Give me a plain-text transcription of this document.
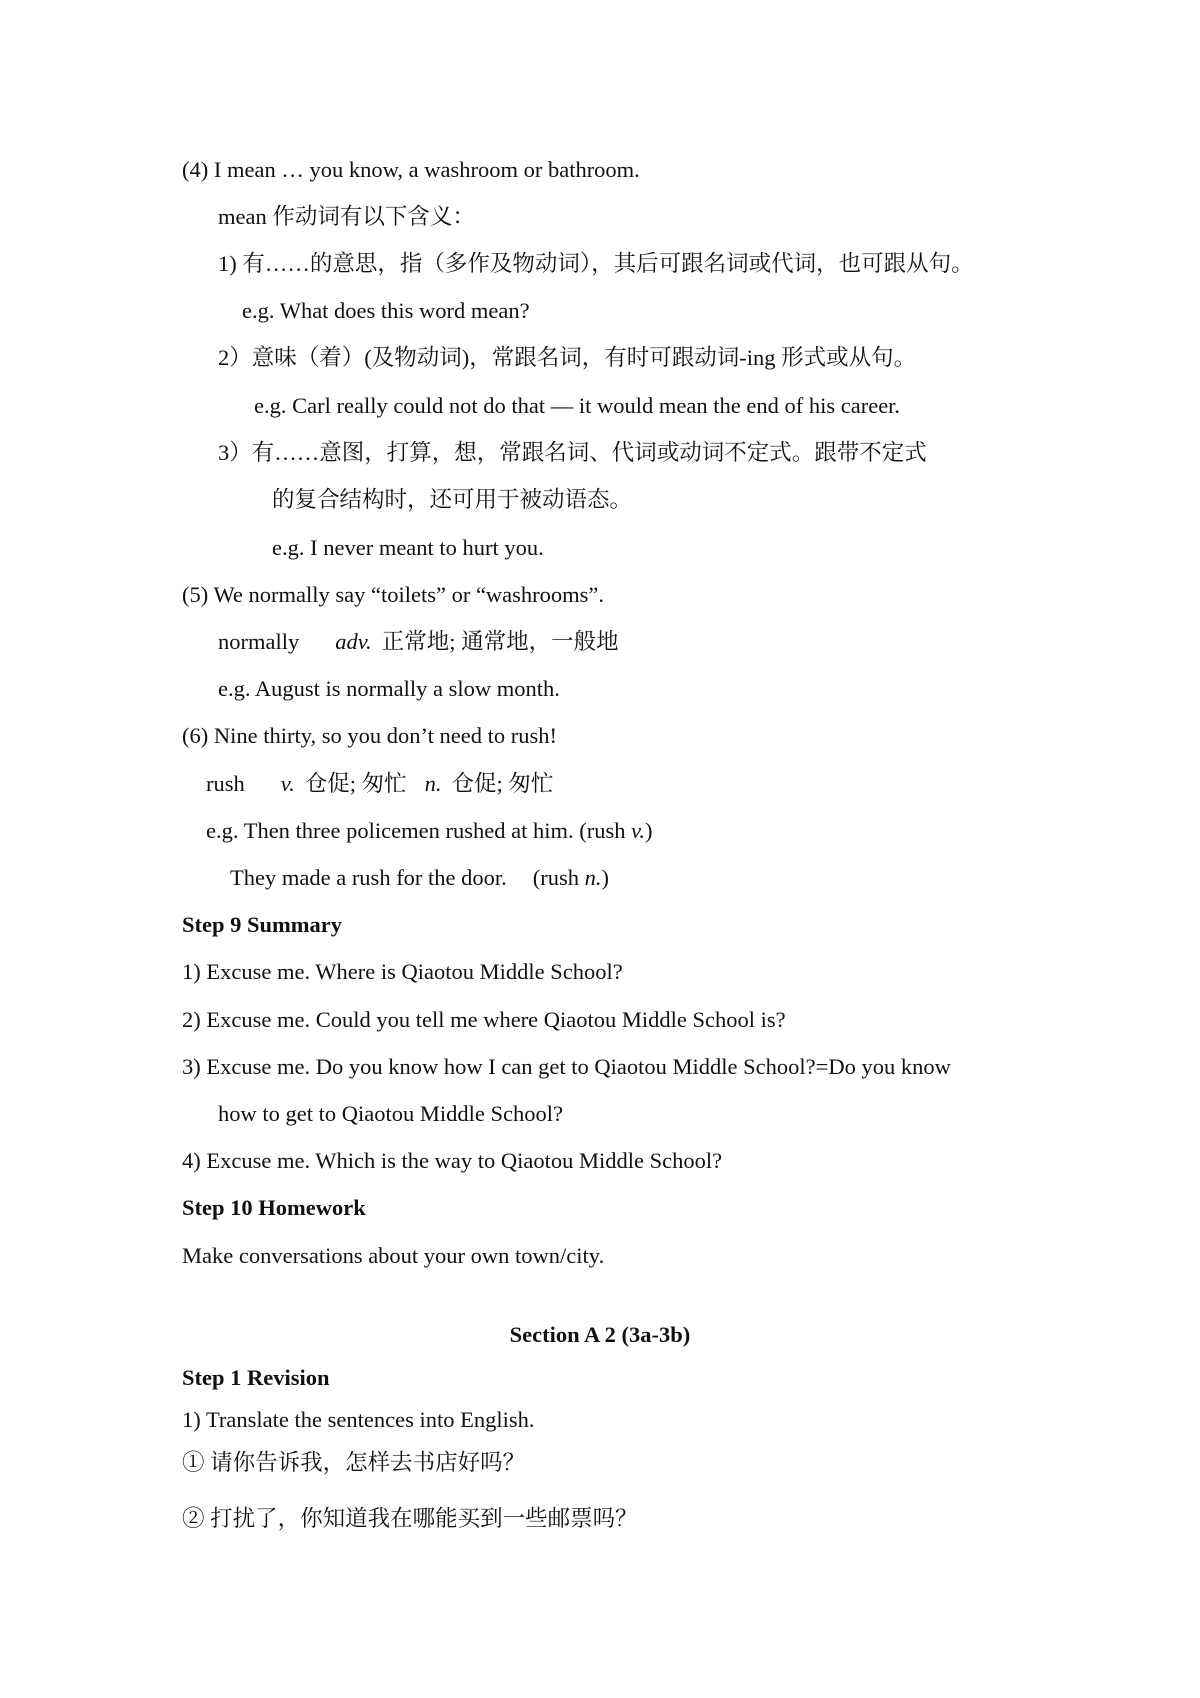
(4) I mean … you know, a washroom or bathroom.
mean 作动词有以下含义：
1) 有……的意思，指（多作及物动词），其后可跟名词或代词，也可跟从句。
e.g. What does this word mean?
2）意味（着）(及物动词)，常跟名词，有时可跟动词-ing 形式或从句。
e.g. Carl really could not do that — it would mean the end of his career.
3）有……意图，打算，想，常跟名词、代词或动词不定式。跟带不定式
的复合结构时，还可用于被动语态。
e.g. I never meant to hurt you.
(5) We normally say “toilets” or “washrooms”.
normally adv. 正常地; 通常地，一般地
e.g. August is normally a slow month.
(6) Nine thirty, so you don’t need to rush!
rush v. 仓促; 匆忙 n. 仓促; 匆忙
e.g. Then three policemen rushed at him. (rush v.)
They made a rush for the door. (rush n.)
Step 9 Summary
1) Excuse me. Where is Qiaotou Middle School?
2) Excuse me. Could you tell me where Qiaotou Middle School is?
3) Excuse me. Do you know how I can get to Qiaotou Middle School?=Do you know
how to get to Qiaotou Middle School?
4) Excuse me. Which is the way to Qiaotou Middle School?
Step 10 Homework
Make conversations about your own town/city.
Section A 2 (3a-3b)
Step 1 Revision
1) Translate the sentences into English.
① 请你告诉我，怎样去书店好吗？
② 打扰了，你知道我在哪能买到一些邮票吗？
